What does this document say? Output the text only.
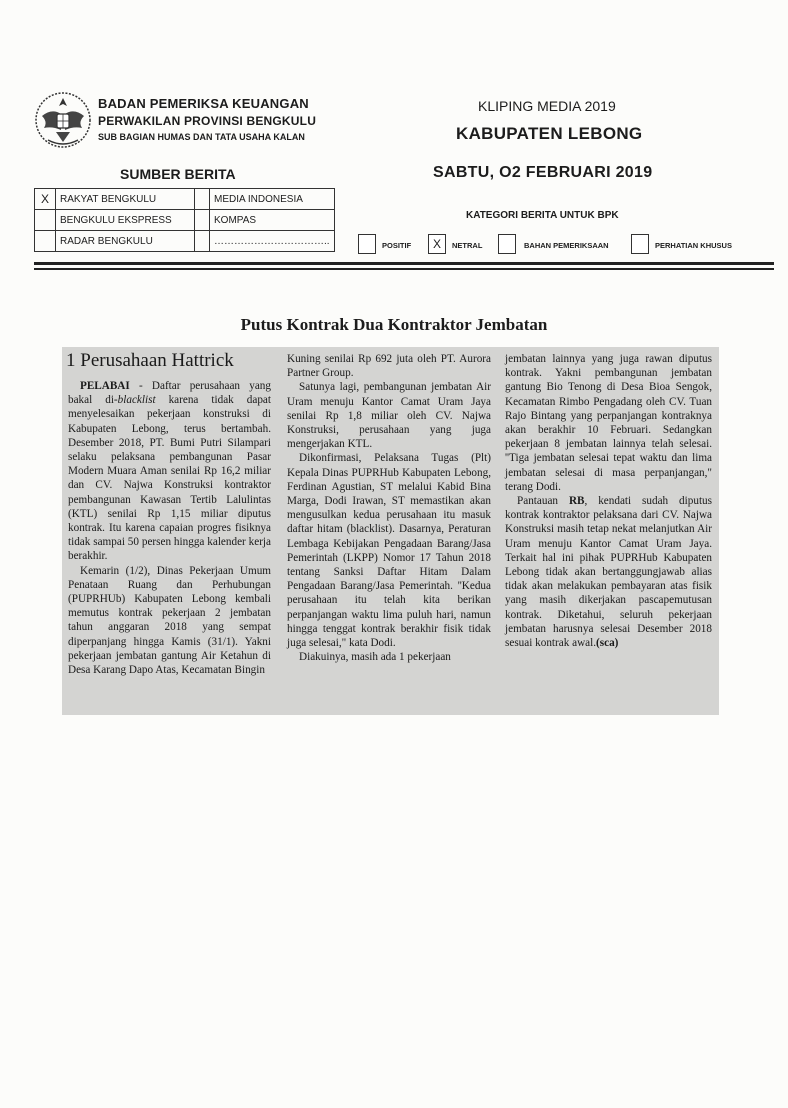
BADAN PEMERIKSA KEUANGAN
PERWAKILAN PROVINSI BENGKULU
SUB BAGIAN HUMAS DAN TATA USAHA KALAN
SUMBER BERITA
X	RAKYAT BENGKULU		MEDIA INDONESIA
	BENGKULU EKSPRESS		KOMPAS
	RADAR BENGKULU		……………………………..
KLIPING MEDIA 2019
KABUPATEN LEBONG
SABTU, O2 FEBRUARI 2019
KATEGORI BERITA UNTUK BPK
POSITIF	X	NETRAL	BAHAN PEMERIKSAAN	PERHATIAN KHUSUS
Putus Kontrak Dua Kontraktor Jembatan
1 Perusahaan Hattrick

PELABAI - Daftar perusahaan yang bakal di-blacklist karena tidak dapat menyelesaikan pekerjaan konstruksi di Kabupaten Lebong, terus bertambah. Desember 2018, PT. Bumi Putri Silampari selaku pelaksana pembangunan Pasar Modern Muara Aman senilai Rp 16,2 miliar dan CV. Najwa Konstruksi kontraktor pembangunan Kawasan Tertib Lalulintas (KTL) senilai Rp 1,15 miliar diputus kontrak. Itu karena capaian progres fisiknya tidak sampai 50 persen hingga kalender kerja berakhir.

Kemarin (1/2), Dinas Pekerjaan Umum Penataan Ruang dan Perhubungan (PUPRHUb) Kabupaten Lebong kembali memutus kontrak pekerjaan 2 jembatan tahun anggaran 2018 yang sempat diperpanjang hingga Kamis (31/1). Yakni pekerjaan jembatan gantung Air Ketahun di Desa Karang Dapo Atas, Kecamatan Bingin

Kuning senilai Rp 692 juta oleh PT. Aurora Partner Group.

Satunya lagi, pembangunan jembatan Air Uram menuju Kantor Camat Uram Jaya senilai Rp 1,8 miliar oleh CV. Najwa Konstruksi, perusahaan yang juga mengerjakan KTL.

Dikonfirmasi, Pelaksana Tugas (Plt) Kepala Dinas PUPRHub Kabupaten Lebong, Ferdinan Agustian, ST melalui Kabid Bina Marga, Dodi Irawan, ST memastikan akan mengusulkan kedua perusahaan itu masuk daftar hitam (blacklist). Dasarnya, Peraturan Lembaga Kebijakan Pengadaan Barang/Jasa Pemerintah (LKPP) Nomor 17 Tahun 2018 tentang Sanksi Daftar Hitam Dalam Pengadaan Barang/Jasa Pemerintah. ''Kedua perusahaan itu telah kita berikan perpanjangan waktu lima puluh hari, namun hingga tenggat kontrak berakhir fisik tidak juga selesai," kata Dodi.

Diakuinya, masih ada 1 pekerjaan

jembatan lainnya yang juga rawan diputus kontrak. Yakni pembangunan jembatan gantung Bio Tenong di Desa Bioa Sengok, Kecamatan Rimbo Pengadang oleh CV. Tuan Rajo Bintang yang perpanjangan kontraknya akan berakhir 10 Februari. Sedangkan pekerjaan 8 jembatan lainnya telah selesai. ''Tiga jembatan selesai tepat waktu dan lima jembatan selesai di masa perpanjangan," terang Dodi.

Pantauan RB, kendati sudah diputus kontrak kontraktor pelaksana dari CV. Najwa Konstruksi masih tetap nekat melanjutkan Air Uram menuju Kantor Camat Uram Jaya. Terkait hal ini pihak PUPRHub Kabupaten Lebong tidak akan bertanggungjawab alias tidak akan melakukan pembayaran atas fisik yang masih dikerjakan pascapemutusan kontrak. Diketahui, seluruh pekerjaan jembatan harusnya selesai Desember 2018 sesuai kontrak awal.(sca)
